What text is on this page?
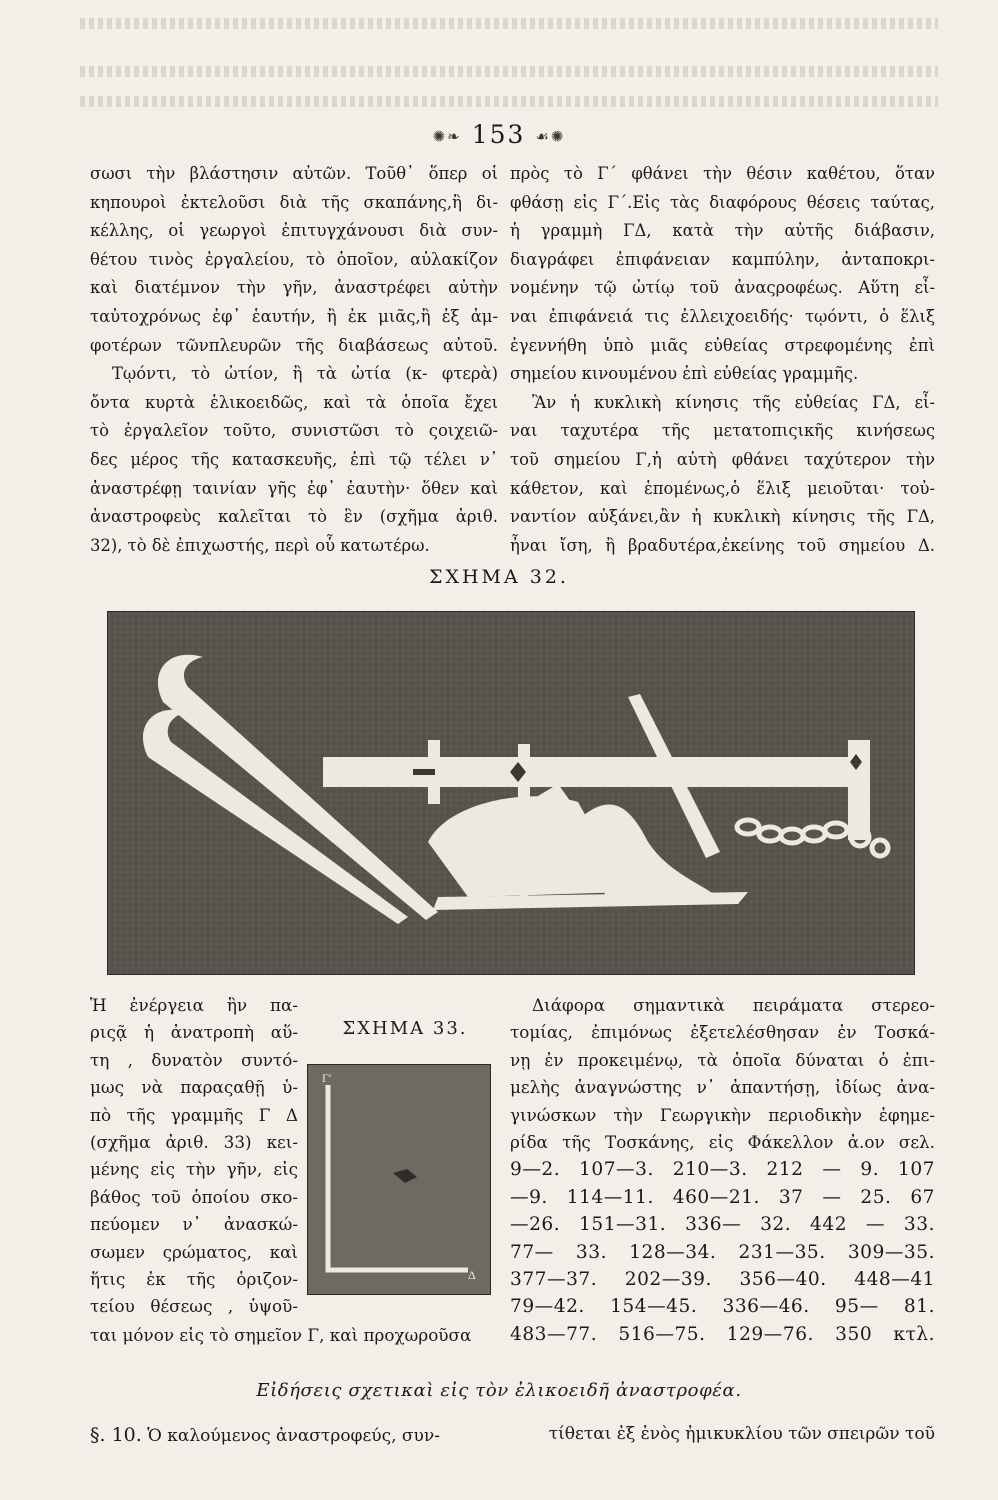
✺❧ 153 ☙✺
σωσι τὴν βλάστησιν αὐτῶν. Τοῦθ᾽ ὅπερ οἱ
κηπουροὶ ἐκτελοῦσι διὰ τῆς σκαπάνης,ἢ δι-
κέλλης, οἱ γεωργοὶ ἐπιτυγχάνουσι διὰ συν-
θέτου τινὸς ἐργαλείου, τὸ ὁποῖον, αὐλακίζον
καὶ διατέμνον τὴν γῆν, ἀναστρέφει αὐτὴν
ταὐτοχρόνως ἐφ᾽ ἑαυτήν, ἢ ἐκ μιᾶς,ἢ ἐξ ἀμ-
φοτέρων τῶνπλευρῶν τῆς διαβάσεως αὐτοῦ.
Τῳόντι, τὸ ὠτίον, ἢ τὰ ὠτία (κ- φτερὰ)
ὄντα κυρτὰ ἑλικοειδῶς, καὶ τὰ ὁποῖα ἔχει
τὸ ἐργαλεῖον τοῦτο, συνιστῶσι τὸ ςοιχειῶ-
δες μέρος τῆς κατασκευῆς, ἐπὶ τῷ τέλει ν᾽
ἀναστρέφῃ ταινίαν γῆς ἐφ᾽ ἑαυτὴν· ὅθεν καὶ
ἀναστροφεὺς καλεῖται τὸ ἓν (σχῆμα ἀριθ.
32), τὸ δὲ ἐπιχωστής, περὶ οὗ κατωτέρω.
πρὸς τὸ Γ΄ φθάνει τὴν θέσιν καθέτου, ὅταν
φθάσῃ εἰς Γ΄.Εἰς τὰς διαφόρους θέσεις ταύτας,
ἡ γραμμὴ ΓΔ, κατὰ τὴν αὐτῆς διάβασιν,
διαγράφει ἐπιφάνειαν καμπύλην, ἀνταποκρι-
νομένην τῷ ὠτίῳ τοῦ ἀναςροφέως. Αὕτη εἶ-
ναι ἐπιφάνειά τις ἐλλειχοειδής· τῳόντι, ὁ ἕλιξ
ἐγεννήθη ὑπὸ μιᾶς εὐθείας στρεφομένης ἐπὶ
σημείου κινουμένου ἐπὶ εὐθείας γραμμῆς.
Ἂν ἡ κυκλικὴ κίνησις τῆς εὐθείας ΓΔ, εἶ-
ναι ταχυτέρα τῆς μετατοπιςικῆς κινήσεως
τοῦ σημείου Γ,ἡ αὐτὴ φθάνει ταχύτερον τὴν
κάθετον, καὶ ἑπομένως,ὁ ἕλιξ μειοῦται· τοὐ-
ναντίον αὐξάνει,ἂν ἡ κυκλικὴ κίνησις τῆς ΓΔ,
ἦναι ἴση, ἢ βραδυτέρα,ἐκείνης τοῦ σημείου Δ.
ΣΧΗΜΑ 32.
Ἡ ἐνέργεια ἣν πα-
ριςᾷ ἡ ἀνατροπὴ αὕ-
τη , δυνατὸν συντό-
μως νὰ παραςαθῇ ὑ-
πὸ τῆς γραμμῆς Γ Δ
(σχῆμα ἀριθ. 33) κει-
μένης εἰς τὴν γῆν, εἰς
βάθος τοῦ ὁποίου σκο-
πεύομεν ν᾽ ἀνασκώ-
σωμεν ςρώματος, καὶ
ἥτις ἐκ τῆς ὁριζον-
τείου θέσεως , ὑψοῦ-
ΣΧΗΜΑ 33.
Γ'
Δ
ται μόνον εἰς τὸ σημεῖον Γ, καὶ προχωροῦσα
Διάφορα σημαντικὰ πειράματα στερεο-
τομίας, ἐπιμόνως ἐξετελέσθησαν ἐν Τοσκά-
νῃ ἐν προκειμένῳ, τὰ ὁποῖα δύναται ὁ ἐπι-
μελὴς ἀναγνώστης ν᾽ ἀπαντήσῃ, ἰδίως ἀνα-
γινώσκων τὴν Γεωργικὴν περιοδικὴν ἐφημε-
ρίδα τῆς Τοσκάνης, εἰς Φάκελλον ἀ.ον σελ.
9—2. 107—3. 210—3. 212 — 9. 107
—9. 114—11. 460—21. 37 — 25. 67
—26. 151—31. 336— 32. 442 — 33.
77— 33. 128—34. 231—35. 309—35.
377—37. 202—39. 356—40. 448—41
79—42. 154—45. 336—46. 95— 81.
483—77. 516—75. 129—76. 350 κτλ.
Εἰδήσεις σχετικαὶ εἰς τὸν ἑλικοειδῆ ἀναστροφέα.
§. 10. Ὁ καλούμενος ἀναστροφεύς, συν-	τίθεται ἐξ ἑνὸς ἡμικυκλίου τῶν σπειρῶν τοῦ
